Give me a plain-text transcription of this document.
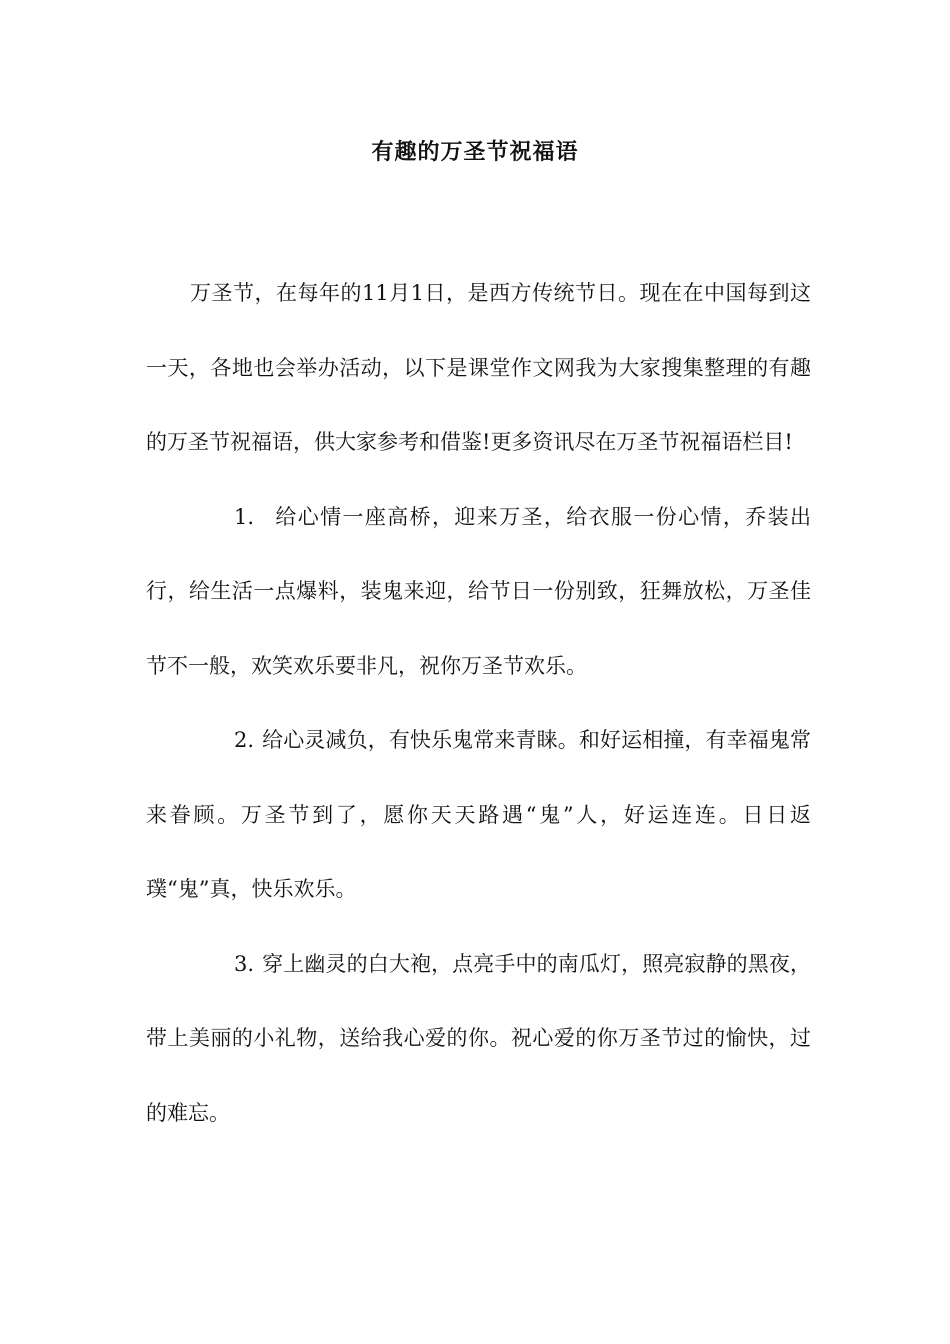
有趣的万圣节祝福语

万圣节，在每年的11月1日，是西方传统节日。现在在中国每到这一天，各地也会举办活动，以下是课堂作文网我为大家搜集整理的有趣的万圣节祝福语，供大家参考和借鉴!更多资讯尽在万圣节祝福语栏目!

1. 给心情一座高桥，迎来万圣，给衣服一份心情，乔装出行，给生活一点爆料，装鬼来迎，给节日一份别致，狂舞放松，万圣佳节不一般，欢笑欢乐要非凡，祝你万圣节欢乐。

2. 给心灵减负，有快乐鬼常来青睐。和好运相撞，有幸福鬼常来眷顾。万圣节到了，愿你天天路遇“鬼”人，好运连连。日日返璞“鬼”真，快乐欢乐。

3. 穿上幽灵的白大袍，点亮手中的南瓜灯，照亮寂静的黑夜，带上美丽的小礼物，送给我心爱的你。祝心爱的你万圣节过的愉快，过的难忘。
